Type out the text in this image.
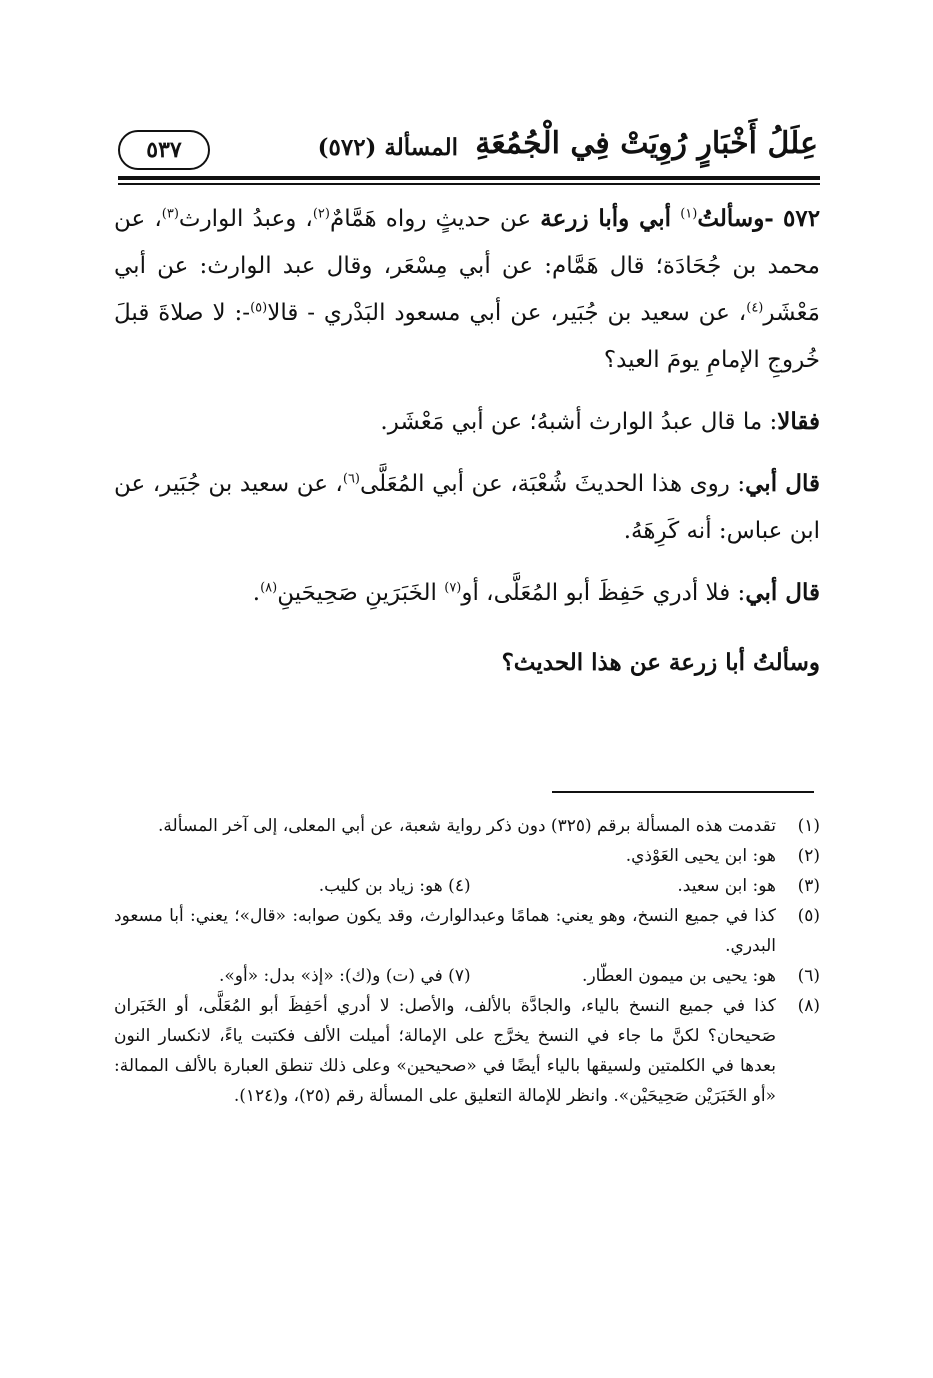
عِلَلُ أَخْبَارٍ رُوِيَتْ فِي الْجُمُعَةِ
المسألة (٥٧٢)
٥٣٧

٥٧٢ -وسألتُ$^{(١)}$ أبي وأبا زرعة عن حديثٍ رواه هَمَّامٌ$^{(٢)}$، وعبدُ الوارث$^{(٣)}$، عن محمد بن جُحَادَة؛ قال هَمَّام: عن أبي مِسْعَر، وقال عبد الوارث: عن أبي مَعْشَر$^{(٤)}$، عن سعيد بن جُبَير، عن أبي مسعود البَدْري - قالا$^{(٥)}$-: لا صلاةَ قبلَ خُروجِ الإمامِ يومَ العيد؟

فقالا: ما قال عبدُ الوارث أشبهُ؛ عن أبي مَعْشَر.

قال أبي: روى هذا الحديثَ شُعْبَة، عن أبي المُعَلَّى$^{(٦)}$، عن سعيد بن جُبَير، عن ابن عباس: أنه كَرِهَهُ.

قال أبي: فلا أدري حَفِظَ أبو المُعَلَّى، أو$^{(٧)}$ الخَبَرَينِ صَحِيحَينِ$^{(٨)}$.

وسألتُ أبا زرعة عن هذا الحديث؟

(١)
تقدمت هذه المسألة برقم (٣٢٥) دون ذكر رواية شعبة، عن أبي المعلى، إلى آخر المسألة.
(٢)
هو: ابن يحيى العَوْذي.
(٣)
هو: ابن سعيد. (٤) هو: زياد بن كليب.
(٥)
كذا في جميع النسخ، وهو يعني: همامًا وعبدالوارث، وقد يكون صوابه: «قال»؛ يعني: أبا مسعود البدري.
(٦)
هو: يحيى بن ميمون العطّار. (٧) في (ت) و(ك): «إذ» بدل: «أو».
(٨)
كذا في جميع النسخ بالياء، والجادَّة بالألف، والأصل: لا أدري أحَفِظَ أبو المُعَلَّى، أو الخَبَران صَحيحان؟ لكنَّ ما جاء في النسخ يخرَّج على الإمالة؛ أميلت الألف فكتبت ياءً، لانكسار النون بعدها في الكلمتين ولسيقها بالياء أيضًا في «صحيحين» وعلى ذلك تنطق العبارة بالألف الممالة: «أو الخَبَرَيْن صَحِيحَيْن». وانظر للإمالة التعليق على المسألة رقم (٢٥)، و(١٢٤).
